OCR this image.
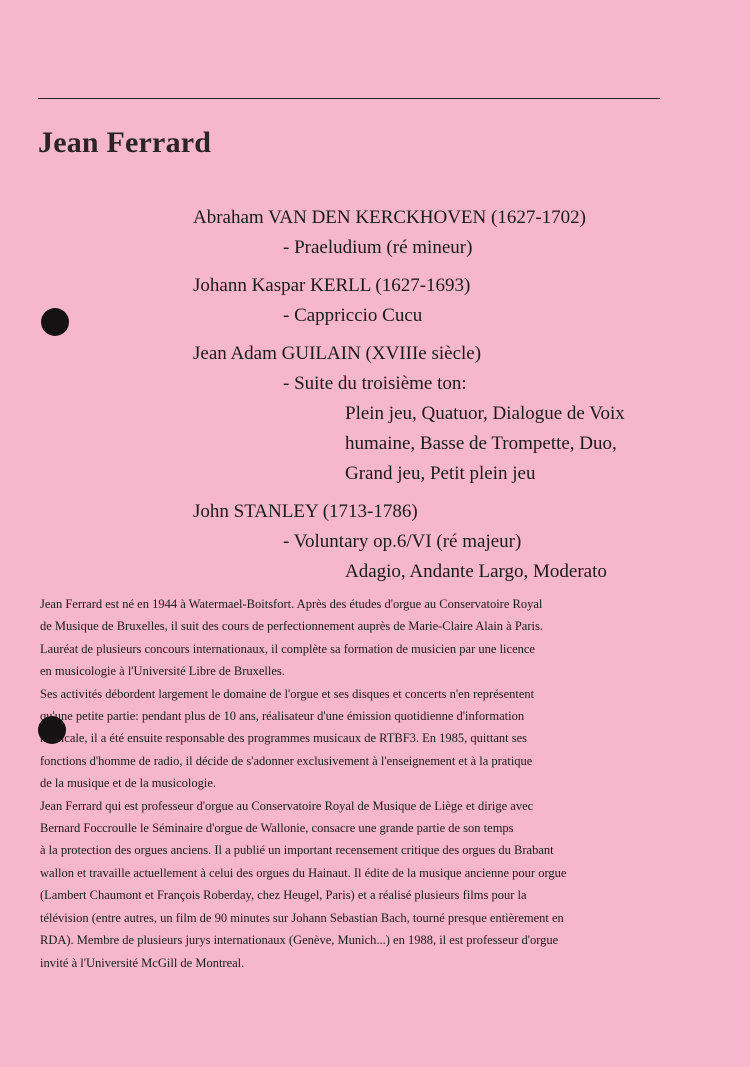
Jean Ferrard

Abraham VAN DEN KERCKHOVEN (1627-1702)

- Praeludium (ré mineur)

Johann Kaspar KERLL (1627-1693)

- Cappriccio Cucu

Jean Adam GUILAIN (XVIIIe siècle)

- Suite du troisième ton:

Plein jeu, Quatuor, Dialogue de Voix

humaine, Basse de Trompette, Duo,

Grand jeu, Petit plein jeu

John STANLEY (1713-1786)

- Voluntary op.6/VI (ré majeur)

Adagio, Andante Largo, Moderato

Jean Ferrard est né en 1944 à Watermael-Boitsfort. Après des études d'orgue au Conservatoire Royal

de Musique de Bruxelles, il suit des cours de perfectionnement auprès de Marie-Claire Alain à Paris.

Lauréat de plusieurs concours internationaux, il complète sa formation de musicien par une licence

en musicologie à l'Université Libre de Bruxelles.

Ses activités débordent largement le domaine de l'orgue et ses disques et concerts n'en représentent

qu'une petite partie: pendant plus de 10 ans, réalisateur d'une émission quotidienne d'information

musicale, il a été ensuite responsable des programmes musicaux de RTBF3. En 1985, quittant ses

fonctions d'homme de radio, il décide de s'adonner exclusivement à l'enseignement et à la pratique

de la musique et de la musicologie.

Jean Ferrard qui est professeur d'orgue au Conservatoire Royal de Musique de Liège et dirige avec

Bernard Foccroulle le Séminaire d'orgue de Wallonie, consacre une grande partie de son temps

à la protection des orgues anciens. Il a publié un important recensement critique des orgues du Brabant

wallon et travaille actuellement à celui des orgues du Hainaut. Il édite de la musique ancienne pour orgue

(Lambert Chaumont et François Roberday, chez Heugel, Paris) et a réalisé plusieurs films pour la

télévision (entre autres, un film de 90 minutes sur Johann Sebastian Bach, tourné presque entièrement en

RDA). Membre de plusieurs jurys internationaux (Genève, Munich...) en 1988, il est professeur d'orgue

invité à l'Université McGill de Montreal.
